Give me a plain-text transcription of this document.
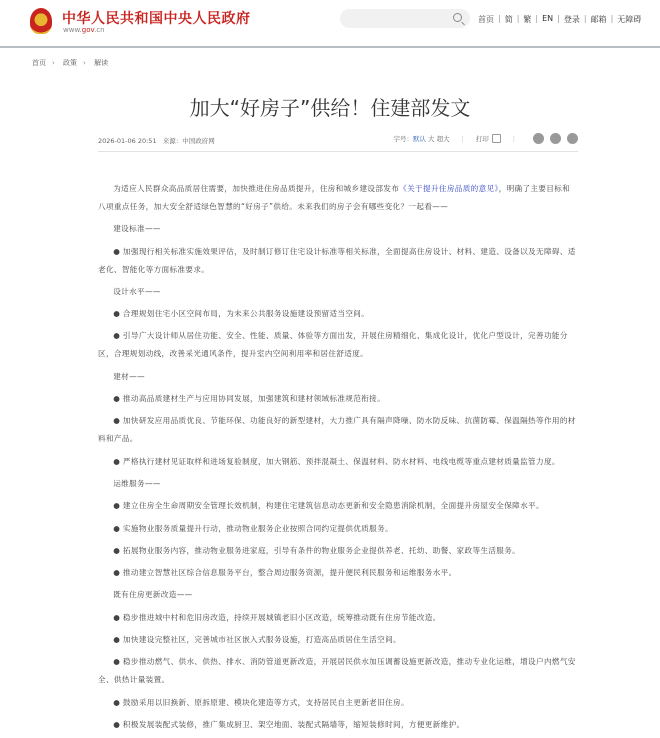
中华人民共和国中央人民政府
www.gov.cn
首页 | 简 | 繁 | EN | 登录 | 邮箱 | 无障碍
首页 › 政策 › 解读
加大“好房子”供给！住建部发文
2026-01-06 20:51 来源：中国政府网	字号： 默认
大
超大 | 打印	|

为适应人民群众高品质居住需要，加快推进住房品质提升，住房和城乡建设部发布《关于提升住房品质的意见》，明确了主要目标和八项重点任务，加大安全舒适绿色智慧的“好房子”供给。未来我们的房子会有哪些变化？一起看——

建设标准——

● 加强现行相关标准实施效果评估，及时制订修订住宅设计标准等相关标准，全面提高住房设计、材料、建造、设备以及无障碍、适老化、智能化等方面标准要求。

设计水平——

● 合理规划住宅小区空间布局，为未来公共服务设施建设预留适当空间。

● 引导广大设计师从居住功能、安全、性能、质量、体验等方面出发，开展住房精细化、集成化设计，优化户型设计，完善功能分区，合理规划动线，改善采光通风条件，提升室内空间利用率和居住舒适度。

建材——

● 推动高品质建材生产与应用协同发展，加强建筑和建材领域标准规范衔接。

● 加快研发应用品质优良、节能环保、功能良好的新型建材，大力推广具有隔声降噪、防水防反味、抗菌防霉、保温隔热等作用的材料和产品。

● 严格执行建材见证取样和进场复验制度，加大钢筋、预拌混凝土、保温材料、防水材料、电线电缆等重点建材质量监管力度。

运维服务——

● 建立住房全生命周期安全管理长效机制，构建住宅建筑信息动态更新和安全隐患消除机制，全面提升房屋安全保障水平。

● 实施物业服务质量提升行动，推动物业服务企业按照合同约定提供优质服务。

● 拓展物业服务内容，推动物业服务进家庭，引导有条件的物业服务企业提供养老、托幼、助餐、家政等生活服务。

● 推动建立智慧社区综合信息服务平台，整合周边服务资源，提升便民利民服务和运维服务水平。

既有住房更新改造——

● 稳步推进城中村和危旧房改造，持续开展城镇老旧小区改造，统筹推动既有住房节能改造。

● 加快建设完整社区，完善城市社区嵌入式服务设施，打造高品质居住生活空间。

● 稳步推动燃气、供水、供热、排水、消防管道更新改造，开展居民供水加压调蓄设施更新改造，推动专业化运维，增设户内燃气安全、供热计量装置。

● 鼓励采用以旧换新、原拆原建、模块化建造等方式，支持居民自主更新老旧住房。

● 积极发展装配式装修，推广集成厨卫、架空地面、装配式隔墙等，缩短装修时间，方便更新维护。
